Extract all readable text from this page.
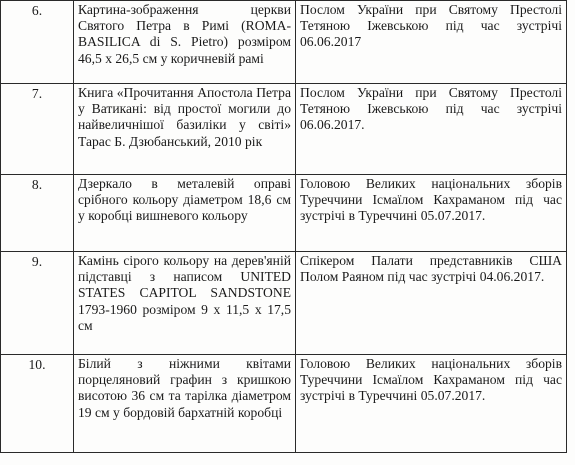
6.	Картина-зображення церкви Святого Петра в Римі (ROMA-BASILICA di S. Pietro) розміром 46,5 х 26,5 см у коричневій рамі	Послом України при Святому Престолі Тетяною Іжевською під час зустрічі 06.06.2017
7.	Книга «Прочитання Апостола Петра у Ватикані: від простої могили до найвеличнішої базиліки у світі» Тарас Б. Дзюбанський, 2010 рік	Послом України при Святому Престолі Тетяною Іжевською під час зустрічі 06.06.2017.
8.	Дзеркало в металевій оправі срібного кольору діаметром 18,6 см у коробці вишневого кольору	Головою Великих національних зборів Туреччини Ісмаїлом Кахраманом під час зустрічі в Туреччині 05.07.2017.
9.	Камінь сірого кольору на дерев'яній підставці з написом UNITED STATES CAPITOL SANDSTONE 1793-1960 розміром 9 х 11,5 х 17,5 см	Спікером Палати представників США Полом Раяном під час зустрічі 04.06.2017.
10.	Білий з ніжними квітами порцеляновий графин з кришкою висотою 36 см та тарілка діаметром 19 см у бордовій бархатній коробці	Головою Великих національних зборів Туреччини Ісмаїлом Кахраманом під час зустрічі в Туреччині 05.07.2017.
